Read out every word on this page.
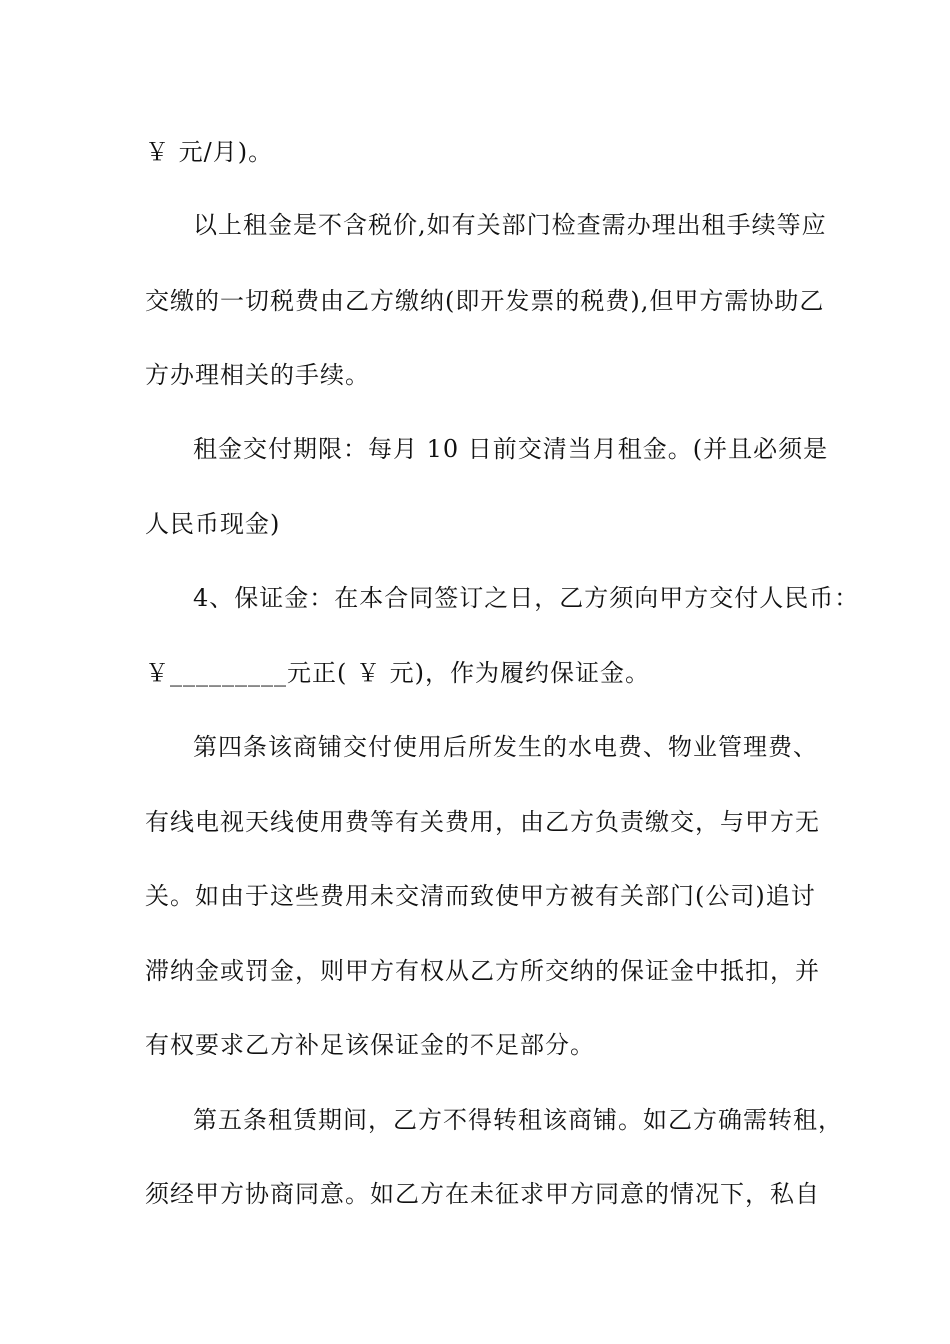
￥ 元/月)。
以上租金是不含税价,如有关部门检查需办理出租手续等应
交缴的一切税费由乙方缴纳(即开发票的税费),但甲方需协助乙
方办理相关的手续。
租金交付期限：每月 10 日前交清当月租金。(并且必须是
人民币现金)
4、保证金：在本合同签订之日，乙方须向甲方交付人民币：
￥_________元正( ￥ 元)，作为履约保证金。
第四条该商铺交付使用后所发生的水电费、物业管理费、
有线电视天线使用费等有关费用，由乙方负责缴交，与甲方无
关。如由于这些费用未交清而致使甲方被有关部门(公司)追讨
滞纳金或罚金，则甲方有权从乙方所交纳的保证金中抵扣，并
有权要求乙方补足该保证金的不足部分。
第五条租赁期间，乙方不得转租该商铺。如乙方确需转租，
须经甲方协商同意。如乙方在未征求甲方同意的情况下，私自
